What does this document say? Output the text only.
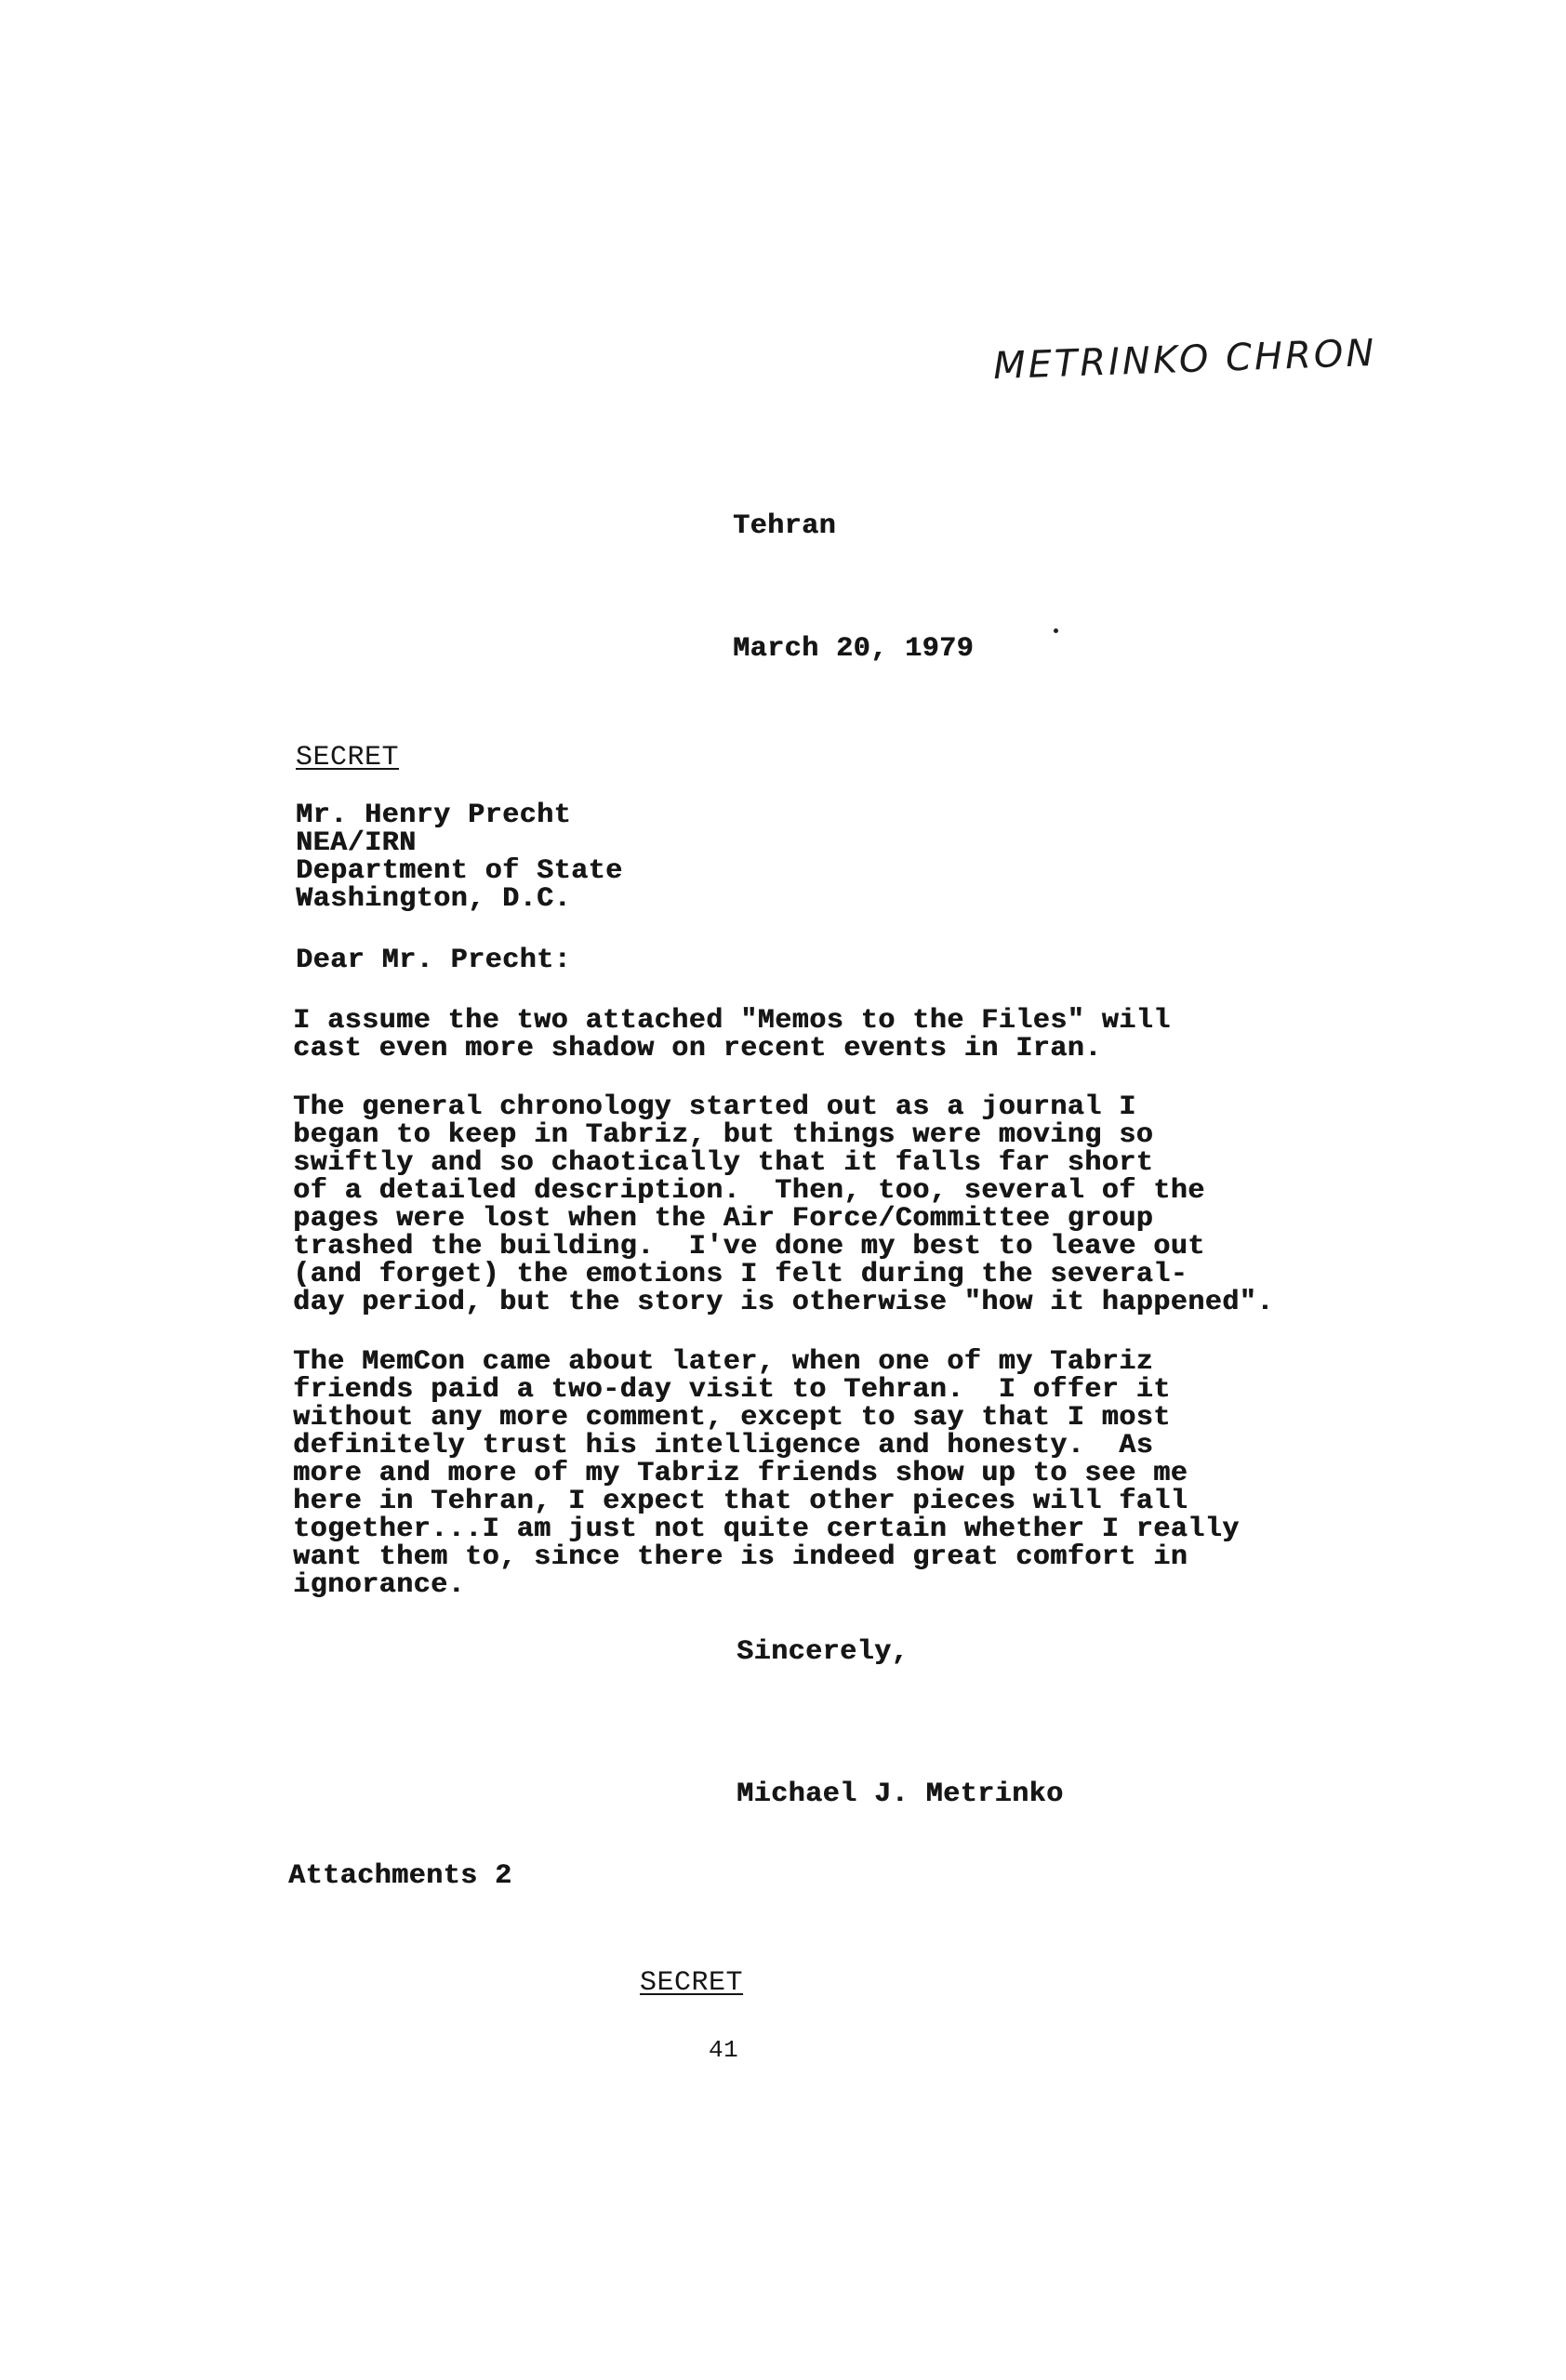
METRINKO CHRON
Tehran
March 20, 1979
SECRET
Mr. Henry Precht
NEA/IRN
Department of State
Washington, D.C.
Dear Mr. Precht:
I assume the two attached "Memos to the Files" will
cast even more shadow on recent events in Iran.
The general chronology started out as a journal I
began to keep in Tabriz, but things were moving so
swiftly and so chaotically that it falls far short
of a detailed description.  Then, too, several of the
pages were lost when the Air Force/Committee group
trashed the building.  I've done my best to leave out
(and forget) the emotions I felt during the several-
day period, but the story is otherwise "how it happened".
The MemCon came about later, when one of my Tabriz
friends paid a two-day visit to Tehran.  I offer it
without any more comment, except to say that I most
definitely trust his intelligence and honesty.  As
more and more of my Tabriz friends show up to see me
here in Tehran, I expect that other pieces will fall
together...I am just not quite certain whether I really
want them to, since there is indeed great comfort in
ignorance.
Sincerely,
Michael J. Metrinko
Attachments 2
SECRET
41
